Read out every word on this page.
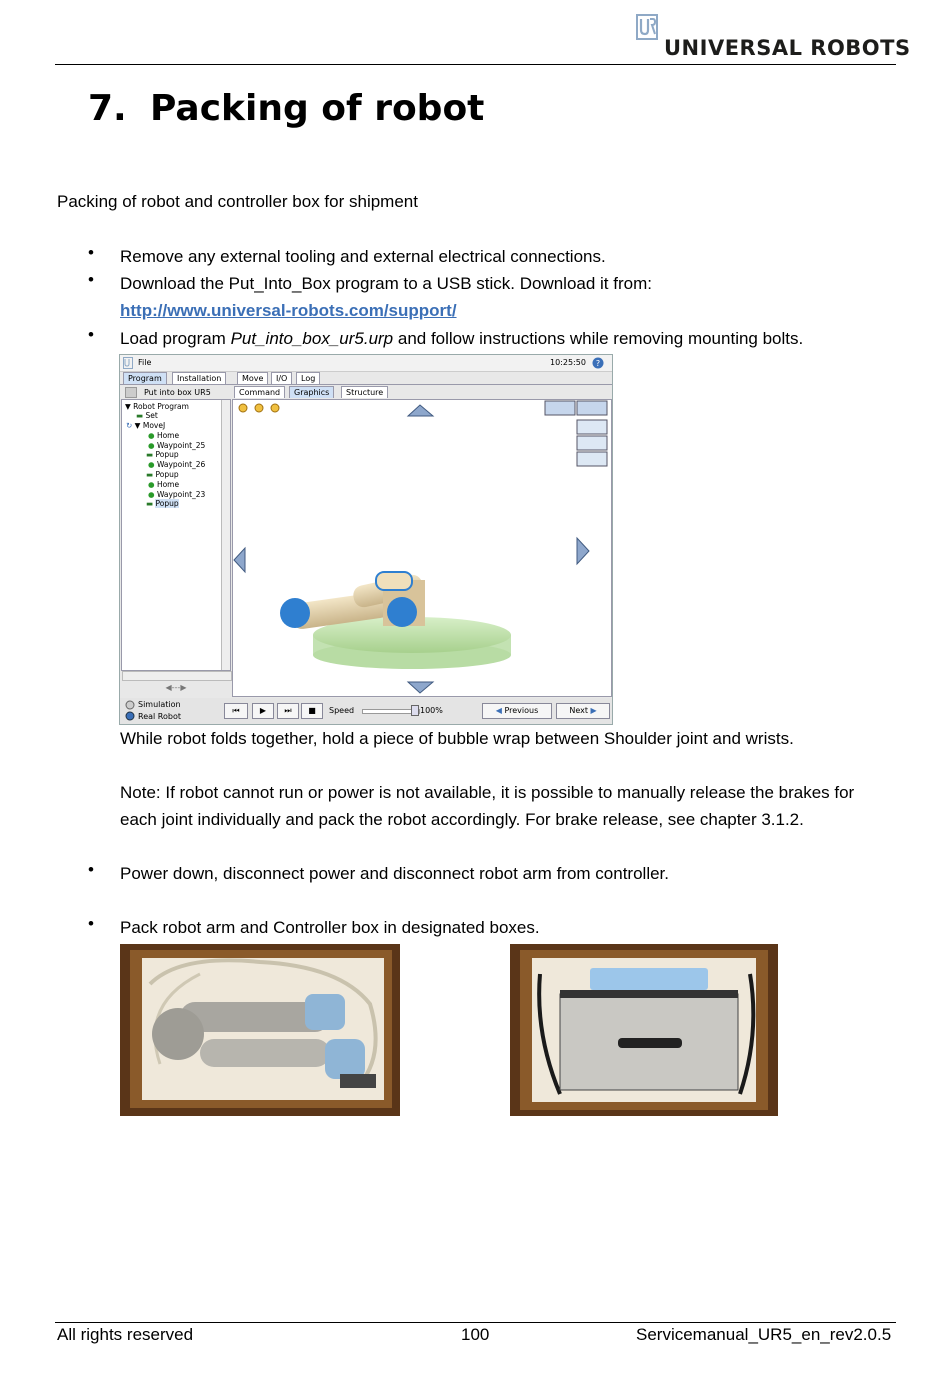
UNIVERSAL ROBOTS
7. Packing of robot
Packing of robot and controller box for shipment
• Remove any external tooling and external electrical connections.
• Download the Put_Into_Box program to a USB stick. Download it from:
http://www.universal-robots.com/support/
• Load program Put_into_box_ur5.urp and follow instructions while removing mounting bolts.
File	10:25:50 ?
Program	Installation	Move	I/O	Log
Put into box UR5	Command	Graphics	Structure
▼ Robot Program
▬ Set
↻ ▼ MoveJ
● Home
● Waypoint_25
▬ Popup
● Waypoint_26
▬ Popup
● Home
● Waypoint_23
▬ Popup
◀---▶
Simulation
Real Robot
⏮	▶	⏭	■	Speed	100%	◀ Previous	Next ▶
While robot folds together, hold a piece of bubble wrap between Shoulder joint and wrists.
Note: If robot cannot run or power is not available, it is possible to manually release the brakes for
each joint individually and pack the robot accordingly. For brake release, see chapter 3.1.2.
• Power down, disconnect power and disconnect robot arm from controller.
• Pack robot arm and Controller box in designated boxes.
All rights reserved	100	Servicemanual_UR5_en_rev2.0.5
